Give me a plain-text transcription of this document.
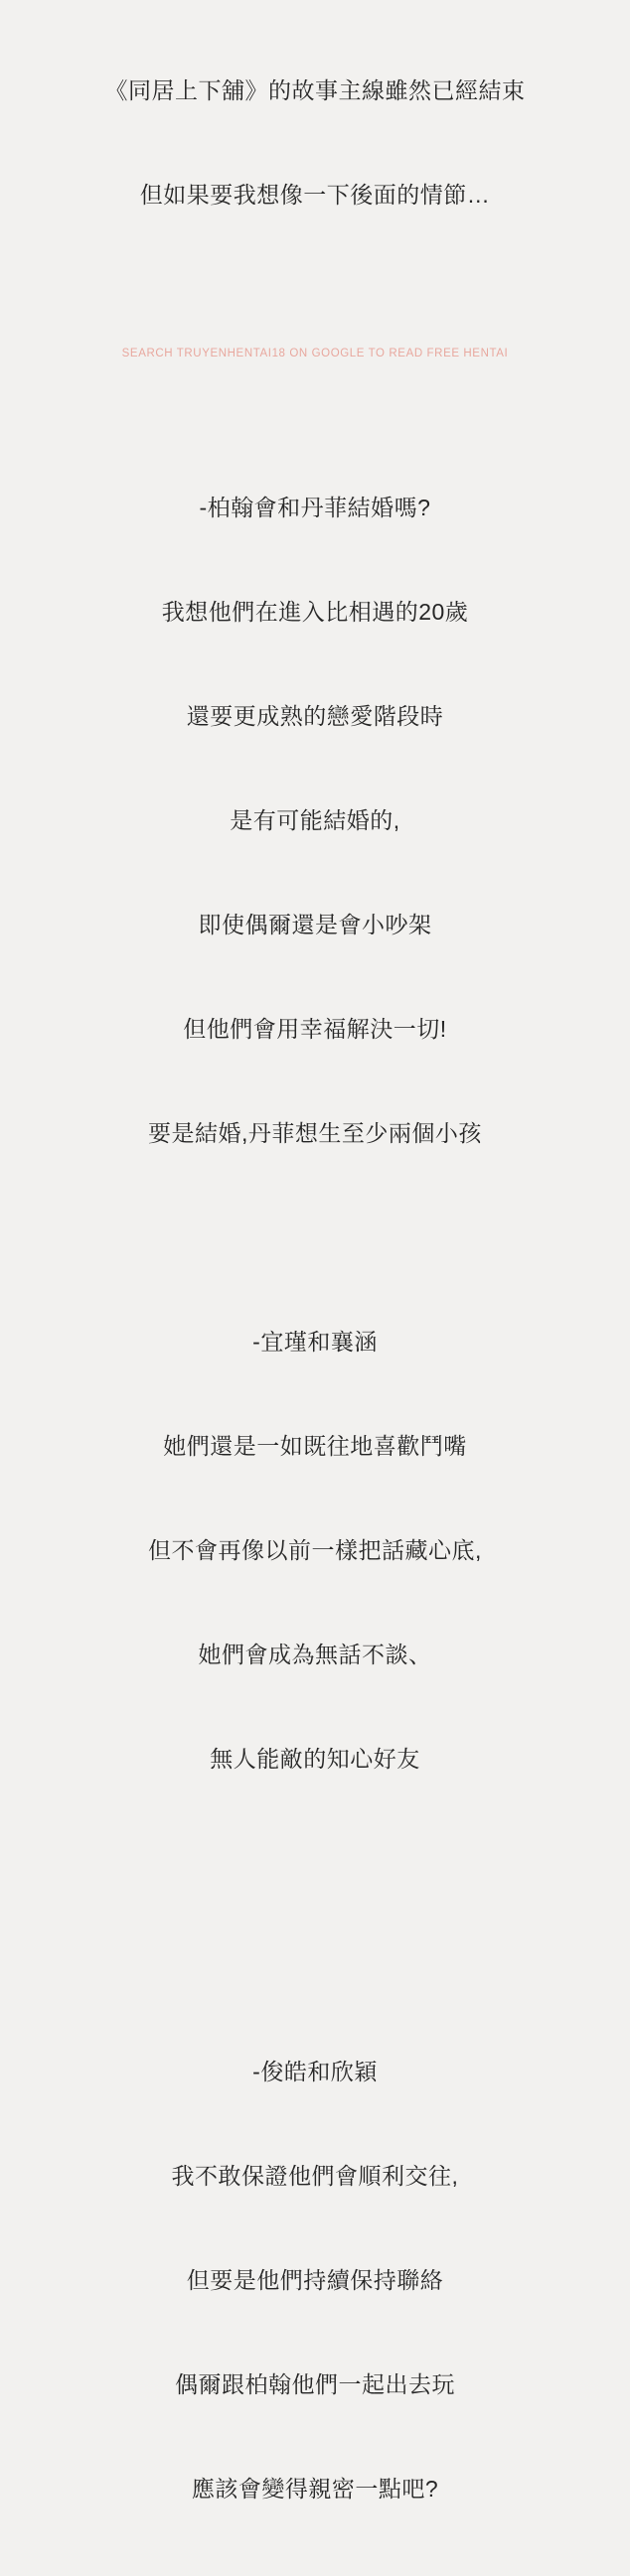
《同居上下舖》的故事主線雖然已經結束

但如果要我想像一下後面的情節…

-柏翰會和丹菲結婚嗎?

我想他們在進入比相遇的20歲

還要更成熟的戀愛階段時

是有可能結婚的,

即使偶爾還是會小吵架

但他們會用幸福解決一切!

要是結婚,丹菲想生至少兩個小孩

-宜瑾和襄涵

她們還是一如既往地喜歡鬥嘴

但不會再像以前一樣把話藏心底,

她們會成為無話不談、

無人能敵的知心好友

-俊皓和欣穎

我不敢保證他們會順利交往,

但要是他們持續保持聯絡

偶爾跟柏翰他們一起出去玩

應該會變得親密一點吧?

SEARCH TRUYENHENTAI18 ON GOOGLE TO READ FREE HENTAI
